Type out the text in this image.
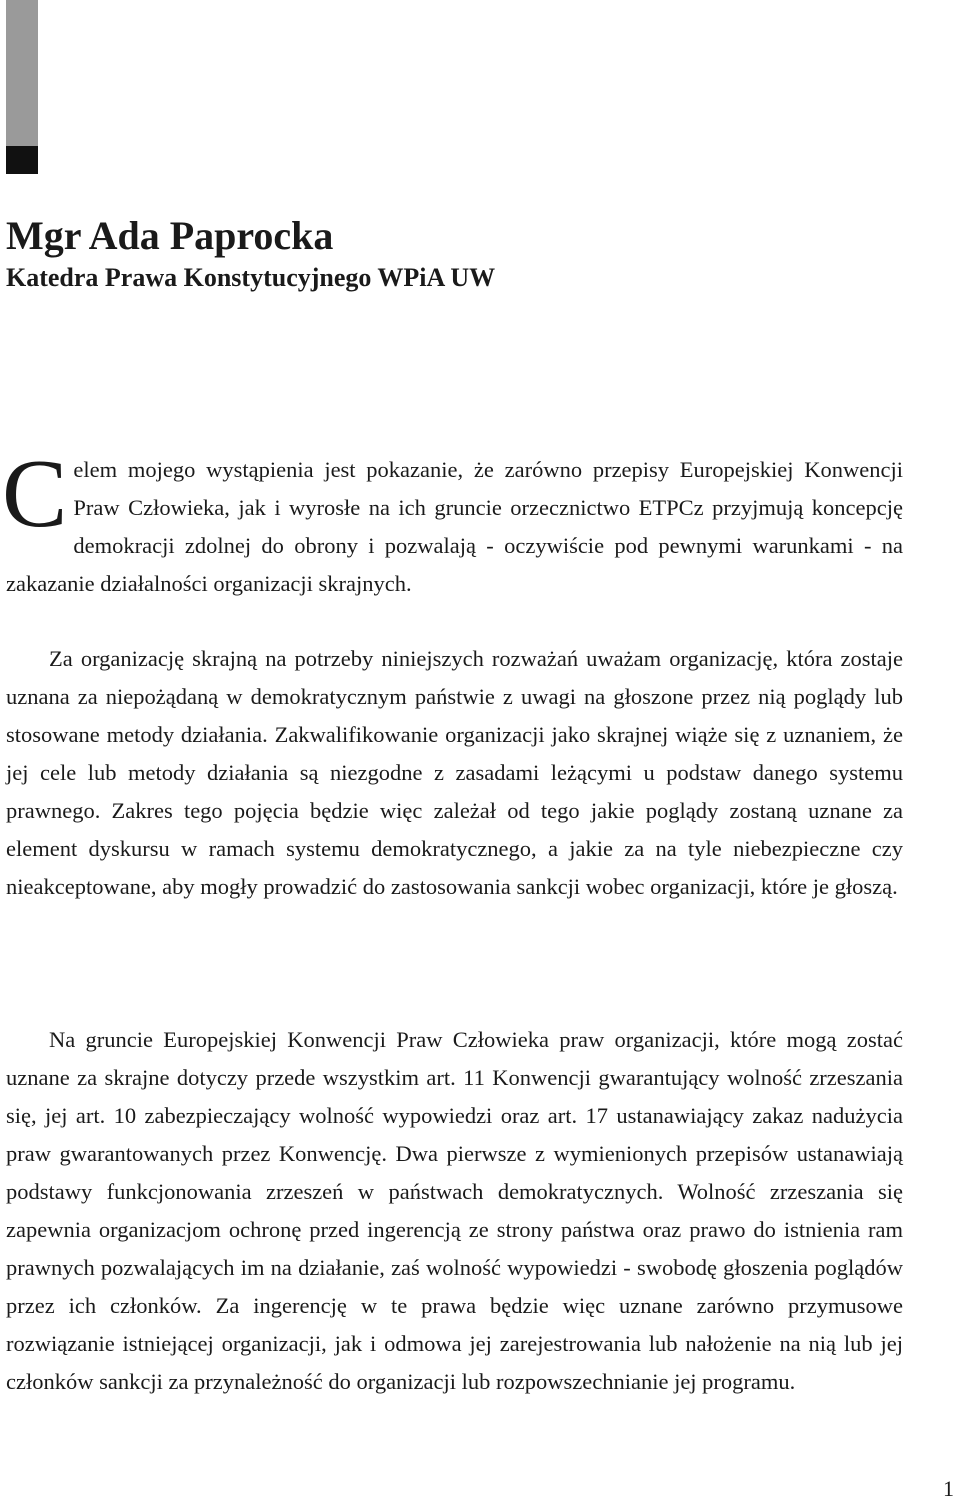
Mgr Ada Paprocka
Katedra Prawa Konstytucyjnego WPiA UW

Celem mojego wystąpienia jest pokazanie, że zarówno przepisy Europejskiej Konwencji Praw Człowieka, jak i wyrosłe na ich gruncie orzecznictwo ETPCz przyjmują koncepcję demokracji zdolnej do obrony i pozwalają - oczywiście pod pewnymi warunkami - na zakazanie działalności organizacji skrajnych.

Za organizację skrajną na potrzeby niniejszych rozważań uważam organizację, która zostaje uznana za niepożądaną w demokratycznym państwie z uwagi na głoszone przez nią poglądy lub stosowane metody działania. Zakwalifikowanie organizacji jako skrajnej wiąże się z uznaniem, że jej cele lub metody działania są niezgodne z zasadami leżącymi u podstaw danego systemu prawnego. Zakres tego pojęcia będzie więc zależał od tego jakie poglądy zostaną uznane za element dyskursu w ramach systemu demokratycznego, a jakie za na tyle niebezpieczne czy nieakceptowane, aby mogły prowadzić do zastosowania sankcji wobec organizacji, które je głoszą.

Na gruncie Europejskiej Konwencji Praw Człowieka praw organizacji, które mogą zostać uznane za skrajne dotyczy przede wszystkim art. 11 Konwencji gwarantujący wolność zrzeszania się, jej art. 10 zabezpieczający wolność wypowiedzi oraz art. 17 ustanawiający zakaz nadużycia praw gwarantowanych przez Konwencję. Dwa pierwsze z wymienionych przepisów ustanawiają podstawy funkcjonowania zrzeszeń w państwach demokratycznych. Wolność zrzeszania się zapewnia organizacjom ochronę przed ingerencją ze strony państwa oraz prawo do istnienia ram prawnych pozwalających im na działanie, zaś wolność wypowiedzi - swobodę głoszenia poglądów przez ich członków. Za ingerencję w te prawa będzie więc uznane zarówno przymusowe rozwiązanie istniejącej organizacji, jak i odmowa jej zarejestrowania lub nałożenie na nią lub jej członków sankcji za przynależność do organizacji lub rozpowszechnianie jej programu.

1
